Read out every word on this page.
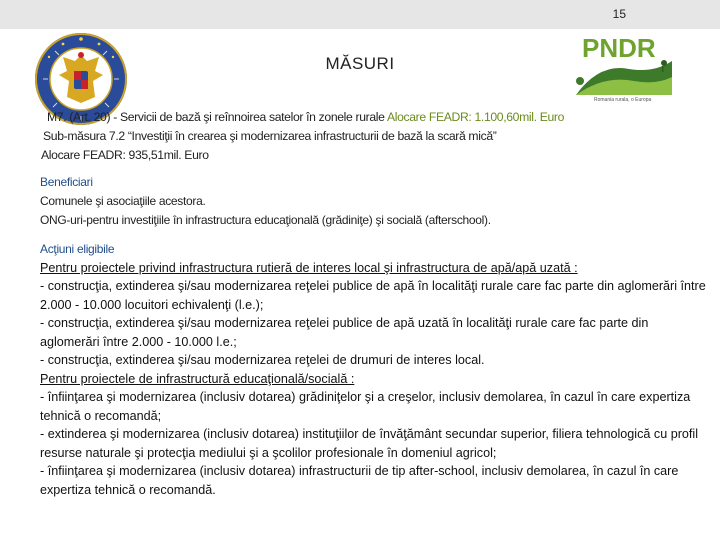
15
MĂSURI
PNDR
Romania rurala, o Europa
M7. (Art. 20) - Servicii de bază şi reînnoirea satelor în zonele rurale Alocare FEADR: 1.100,60mil. Euro
Sub-măsura 7.2 “Investiţii în crearea şi modernizarea infrastructurii de bază la scară mică”
Alocare FEADR: 935,51mil. Euro
Beneficiari
Comunele şi asociaţiile acestora.
ONG-uri-pentru investiţiile în infrastructura educaţională (grădiniţe) şi socială (afterschool).

Acţiuni eligibile

Pentru proiectele privind infrastructura rutieră de interes local şi infrastructura de apă/apă uzată :

- construcţia, extinderea şi/sau modernizarea reţelei publice de apă în localităţi rurale care fac parte din aglomerări între 2.000 - 10.000 locuitori echivalenţi (l.e.);

- construcţia, extinderea şi/sau modernizarea reţelei publice de apă uzată în localităţi rurale care fac parte din aglomerări între 2.000 - 10.000 l.e.;

- construcţia, extinderea şi/sau modernizarea reţelei de drumuri de interes local.

Pentru proiectele de infrastructură educaţională/socială :

- înfiinţarea şi modernizarea (inclusiv dotarea) grădiniţelor şi a creşelor, inclusiv demolarea, în cazul în care expertiza tehnică o recomandă;

- extinderea şi modernizarea (inclusiv dotarea) instituţiilor de învăţământ secundar superior, filiera tehnologică cu profil resurse naturale şi protecţia mediului şi a şcolilor profesionale în domeniul agricol;

- înfiinţarea şi modernizarea (inclusiv dotarea) infrastructurii de tip after-school, inclusiv demolarea, în cazul în care expertiza tehnică o recomandă.
